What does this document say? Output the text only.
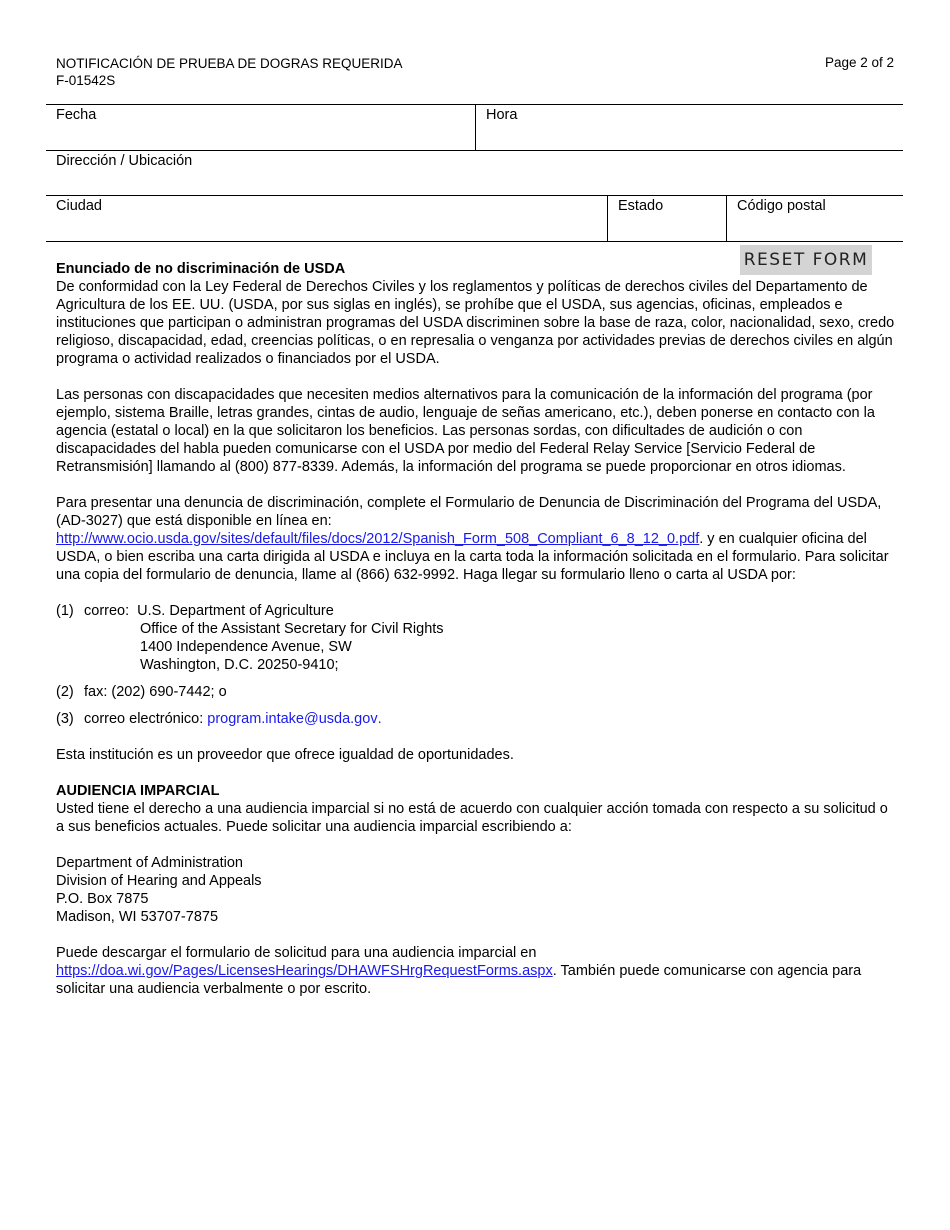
NOTIFICACIÓN DE PRUEBA DE DOGRAS REQUERIDA
F-01542S
Page 2 of 2
Fecha	Hora
Dirección / Ubicación
Ciudad	Estado	Código postal
RESET FORM

Enunciado de no discriminación de USDA

De conformidad con la Ley Federal de Derechos Civiles y los reglamentos y políticas de derechos civiles del Departamento de Agricultura de los EE. UU. (USDA, por sus siglas en inglés), se prohíbe que el USDA, sus agencias, oficinas, empleados e instituciones que participan o administran programas del USDA discriminen sobre la base de raza, color, nacionalidad, sexo, credo religioso, discapacidad, edad, creencias políticas, o en represalia o venganza por actividades previas de derechos civiles en algún programa o actividad realizados o financiados por el USDA.

Las personas con discapacidades que necesiten medios alternativos para la comunicación de la información del programa (por ejemplo, sistema Braille, letras grandes, cintas de audio, lenguaje de señas americano, etc.), deben ponerse en contacto con la agencia (estatal o local) en la que solicitaron los beneficios. Las personas sordas, con dificultades de audición o con discapacidades del habla pueden comunicarse con el USDA por medio del Federal Relay Service [Servicio Federal de Retransmisión] llamando al (800) 877-8339. Además, la información del programa se puede proporcionar en otros idiomas.

Para presentar una denuncia de discriminación, complete el Formulario de Denuncia de Discriminación del Programa del USDA, (AD-3027) que está disponible en línea en:
http://www.ocio.usda.gov/sites/default/files/docs/2012/Spanish_Form_508_Compliant_6_8_12_0.pdf. y en cualquier oficina del USDA, o bien escriba una carta dirigida al USDA e incluya en la carta toda la información solicitada en el formulario. Para solicitar una copia del formulario de denuncia, llame al (866) 632-9992. Haga llegar su formulario lleno o carta al USDA por:

(1) correo: U.S. Department of Agriculture
Office of the Assistant Secretary for Civil Rights
1400 Independence Avenue, SW
Washington, D.C. 20250-9410;
(2) fax: (202) 690-7442; o
(3) correo electrónico: program.intake@usda.gov .

Esta institución es un proveedor que ofrece igualdad de oportunidades.

AUDIENCIA IMPARCIAL

Usted tiene el derecho a una audiencia imparcial si no está de acuerdo con cualquier acción tomada con respecto a su solicitud o a sus beneficios actuales. Puede solicitar una audiencia imparcial escribiendo a:

Department of Administration
Division of Hearing and Appeals
P.O. Box 7875
Madison, WI 53707-7875

Puede descargar el formulario de solicitud para una audiencia imparcial en https://doa.wi.gov/Pages/LicensesHearings/DHAWFSHrgRequestForms.aspx. También puede comunicarse con agencia para solicitar una audiencia verbalmente o por escrito.
